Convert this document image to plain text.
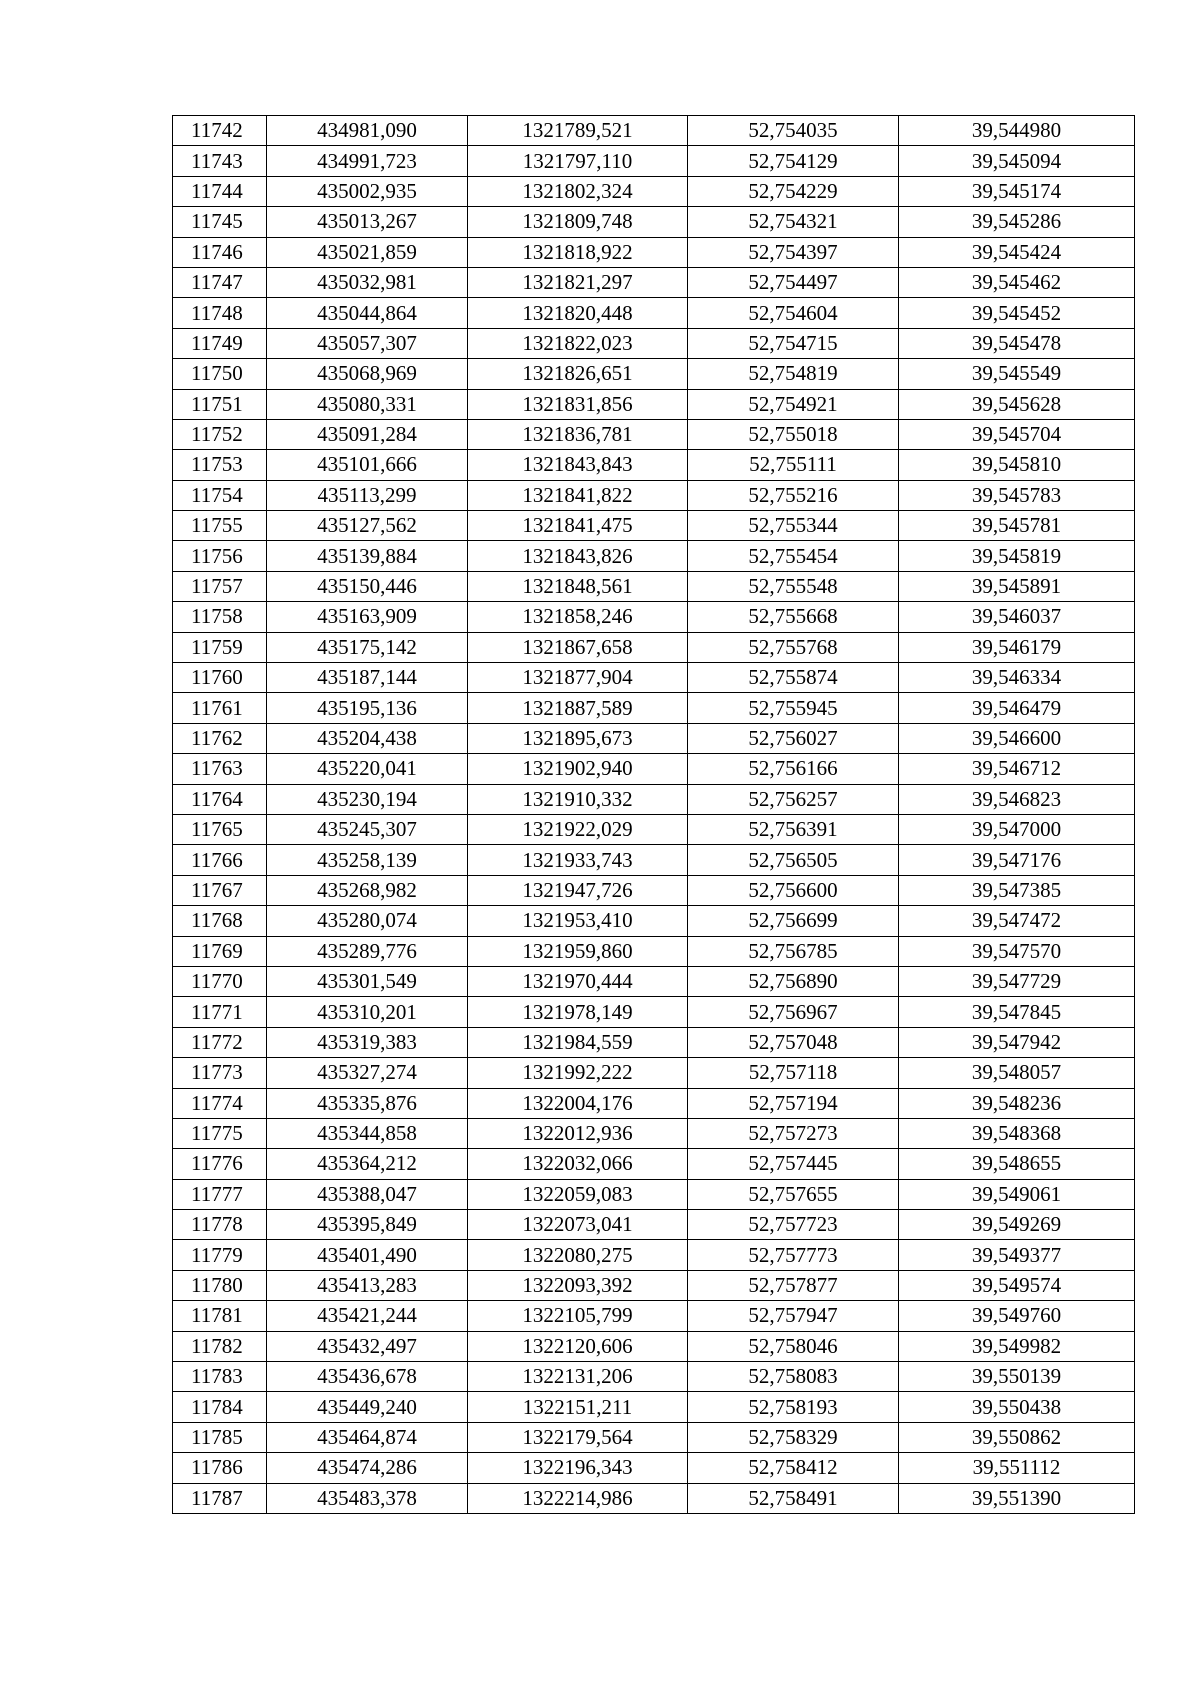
11742	434981,090	1321789,521	52,754035	39,544980
11743	434991,723	1321797,110	52,754129	39,545094
11744	435002,935	1321802,324	52,754229	39,545174
11745	435013,267	1321809,748	52,754321	39,545286
11746	435021,859	1321818,922	52,754397	39,545424
11747	435032,981	1321821,297	52,754497	39,545462
11748	435044,864	1321820,448	52,754604	39,545452
11749	435057,307	1321822,023	52,754715	39,545478
11750	435068,969	1321826,651	52,754819	39,545549
11751	435080,331	1321831,856	52,754921	39,545628
11752	435091,284	1321836,781	52,755018	39,545704
11753	435101,666	1321843,843	52,755111	39,545810
11754	435113,299	1321841,822	52,755216	39,545783
11755	435127,562	1321841,475	52,755344	39,545781
11756	435139,884	1321843,826	52,755454	39,545819
11757	435150,446	1321848,561	52,755548	39,545891
11758	435163,909	1321858,246	52,755668	39,546037
11759	435175,142	1321867,658	52,755768	39,546179
11760	435187,144	1321877,904	52,755874	39,546334
11761	435195,136	1321887,589	52,755945	39,546479
11762	435204,438	1321895,673	52,756027	39,546600
11763	435220,041	1321902,940	52,756166	39,546712
11764	435230,194	1321910,332	52,756257	39,546823
11765	435245,307	1321922,029	52,756391	39,547000
11766	435258,139	1321933,743	52,756505	39,547176
11767	435268,982	1321947,726	52,756600	39,547385
11768	435280,074	1321953,410	52,756699	39,547472
11769	435289,776	1321959,860	52,756785	39,547570
11770	435301,549	1321970,444	52,756890	39,547729
11771	435310,201	1321978,149	52,756967	39,547845
11772	435319,383	1321984,559	52,757048	39,547942
11773	435327,274	1321992,222	52,757118	39,548057
11774	435335,876	1322004,176	52,757194	39,548236
11775	435344,858	1322012,936	52,757273	39,548368
11776	435364,212	1322032,066	52,757445	39,548655
11777	435388,047	1322059,083	52,757655	39,549061
11778	435395,849	1322073,041	52,757723	39,549269
11779	435401,490	1322080,275	52,757773	39,549377
11780	435413,283	1322093,392	52,757877	39,549574
11781	435421,244	1322105,799	52,757947	39,549760
11782	435432,497	1322120,606	52,758046	39,549982
11783	435436,678	1322131,206	52,758083	39,550139
11784	435449,240	1322151,211	52,758193	39,550438
11785	435464,874	1322179,564	52,758329	39,550862
11786	435474,286	1322196,343	52,758412	39,551112
11787	435483,378	1322214,986	52,758491	39,551390
